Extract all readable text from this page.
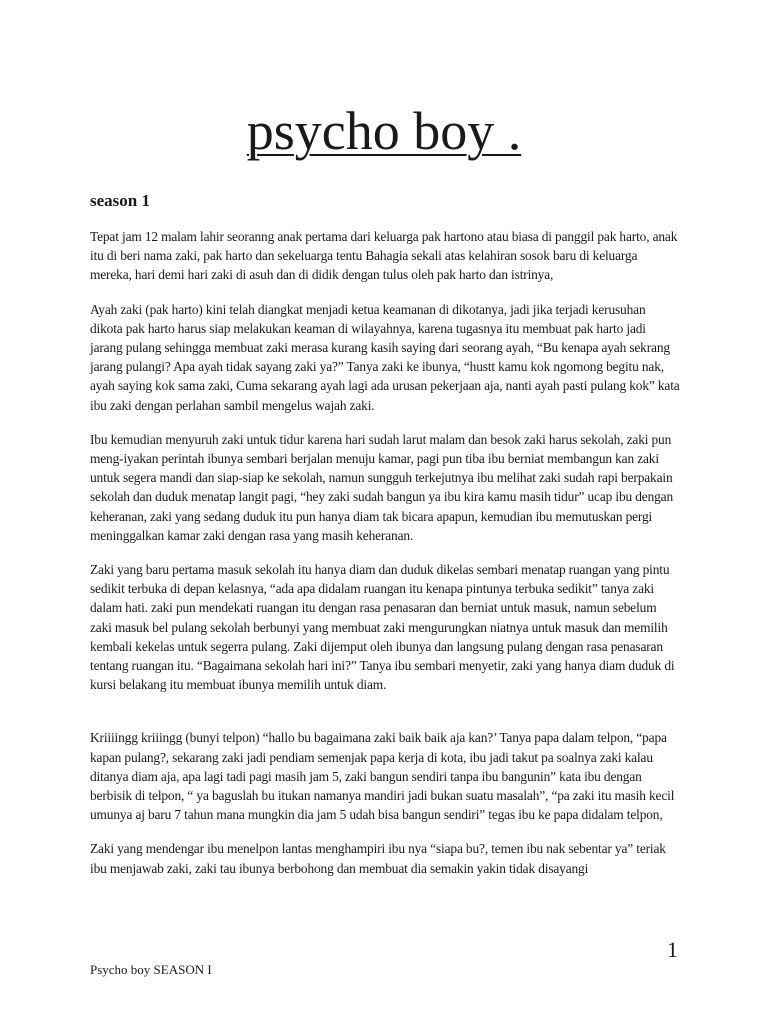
psycho boy .
season 1

Tepat jam 12 malam lahir seoranng anak pertama dari keluarga pak hartono atau biasa di panggil pak harto, anak itu di beri nama zaki, pak harto dan sekeluarga tentu Bahagia sekali atas kelahiran sosok baru di keluarga mereka, hari demi hari zaki di asuh dan di didik dengan tulus oleh pak harto dan istrinya,

Ayah zaki (pak harto) kini telah diangkat menjadi ketua keamanan di dikotanya, jadi jika terjadi kerusuhan dikota pak harto harus siap melakukan keaman di wilayahnya, karena tugasnya itu membuat pak harto jadi jarang pulang sehingga membuat zaki merasa kurang kasih saying dari seorang ayah, “Bu kenapa ayah sekrang jarang pulangi? Apa ayah tidak sayang zaki ya?” Tanya zaki ke ibunya, “hustt kamu kok ngomong begitu nak, ayah saying kok sama zaki, Cuma sekarang ayah lagi ada urusan pekerjaan aja, nanti ayah pasti pulang kok” kata ibu zaki dengan perlahan sambil mengelus wajah zaki.

Ibu kemudian menyuruh zaki untuk tidur karena hari sudah larut malam dan besok zaki harus sekolah, zaki pun meng-iyakan perintah ibunya sembari berjalan menuju kamar, pagi pun tiba ibu berniat membangun kan zaki untuk segera mandi dan siap-siap ke sekolah, namun sungguh terkejutnya ibu melihat zaki sudah rapi berpakain sekolah dan duduk menatap langit pagi, “hey zaki sudah bangun ya ibu kira kamu masih tidur” ucap ibu dengan keheranan, zaki yang sedang duduk itu pun hanya diam tak bicara apapun, kemudian ibu memutuskan pergi meninggalkan kamar zaki dengan rasa yang masih keheranan.

Zaki yang baru pertama masuk sekolah itu hanya diam dan duduk dikelas sembari menatap ruangan yang pintu sedikit terbuka di depan kelasnya, “ada apa didalam ruangan itu kenapa pintunya terbuka sedikit” tanya zaki dalam hati. zaki pun mendekati ruangan itu dengan rasa penasaran dan berniat untuk masuk, namun sebelum zaki masuk bel pulang sekolah berbunyi yang membuat zaki mengurungkan niatnya untuk masuk dan memilih kembali kekelas untuk segerra pulang. Zaki dijemput oleh ibunya dan langsung pulang dengan rasa penasaran tentang ruangan itu. “Bagaimana sekolah hari ini?” Tanya ibu sembari menyetir, zaki yang hanya diam duduk di kursi belakang itu membuat ibunya memilih untuk diam.

Kriiiingg kriiingg (bunyi telpon) “hallo bu bagaimana zaki baik baik aja kan?’ Tanya papa dalam telpon, “papa kapan pulang?, sekarang zaki jadi pendiam semenjak papa kerja di kota, ibu jadi takut pa soalnya zaki kalau ditanya diam aja, apa lagi tadi pagi masih jam 5, zaki bangun sendiri tanpa ibu bangunin” kata ibu dengan berbisik di telpon, “ ya baguslah bu itukan namanya mandiri jadi bukan suatu masalah”, “pa zaki itu masih kecil umunya aj baru 7 tahun mana mungkin dia jam 5 udah bisa bangun sendiri” tegas ibu ke papa didalam telpon,

Zaki yang mendengar ibu menelpon lantas menghampiri ibu nya “siapa bu?, temen ibu nak sebentar ya” teriak ibu menjawab zaki, zaki tau ibunya berbohong dan membuat dia semakin yakin tidak disayangi

1
Psycho boy SEASON I
